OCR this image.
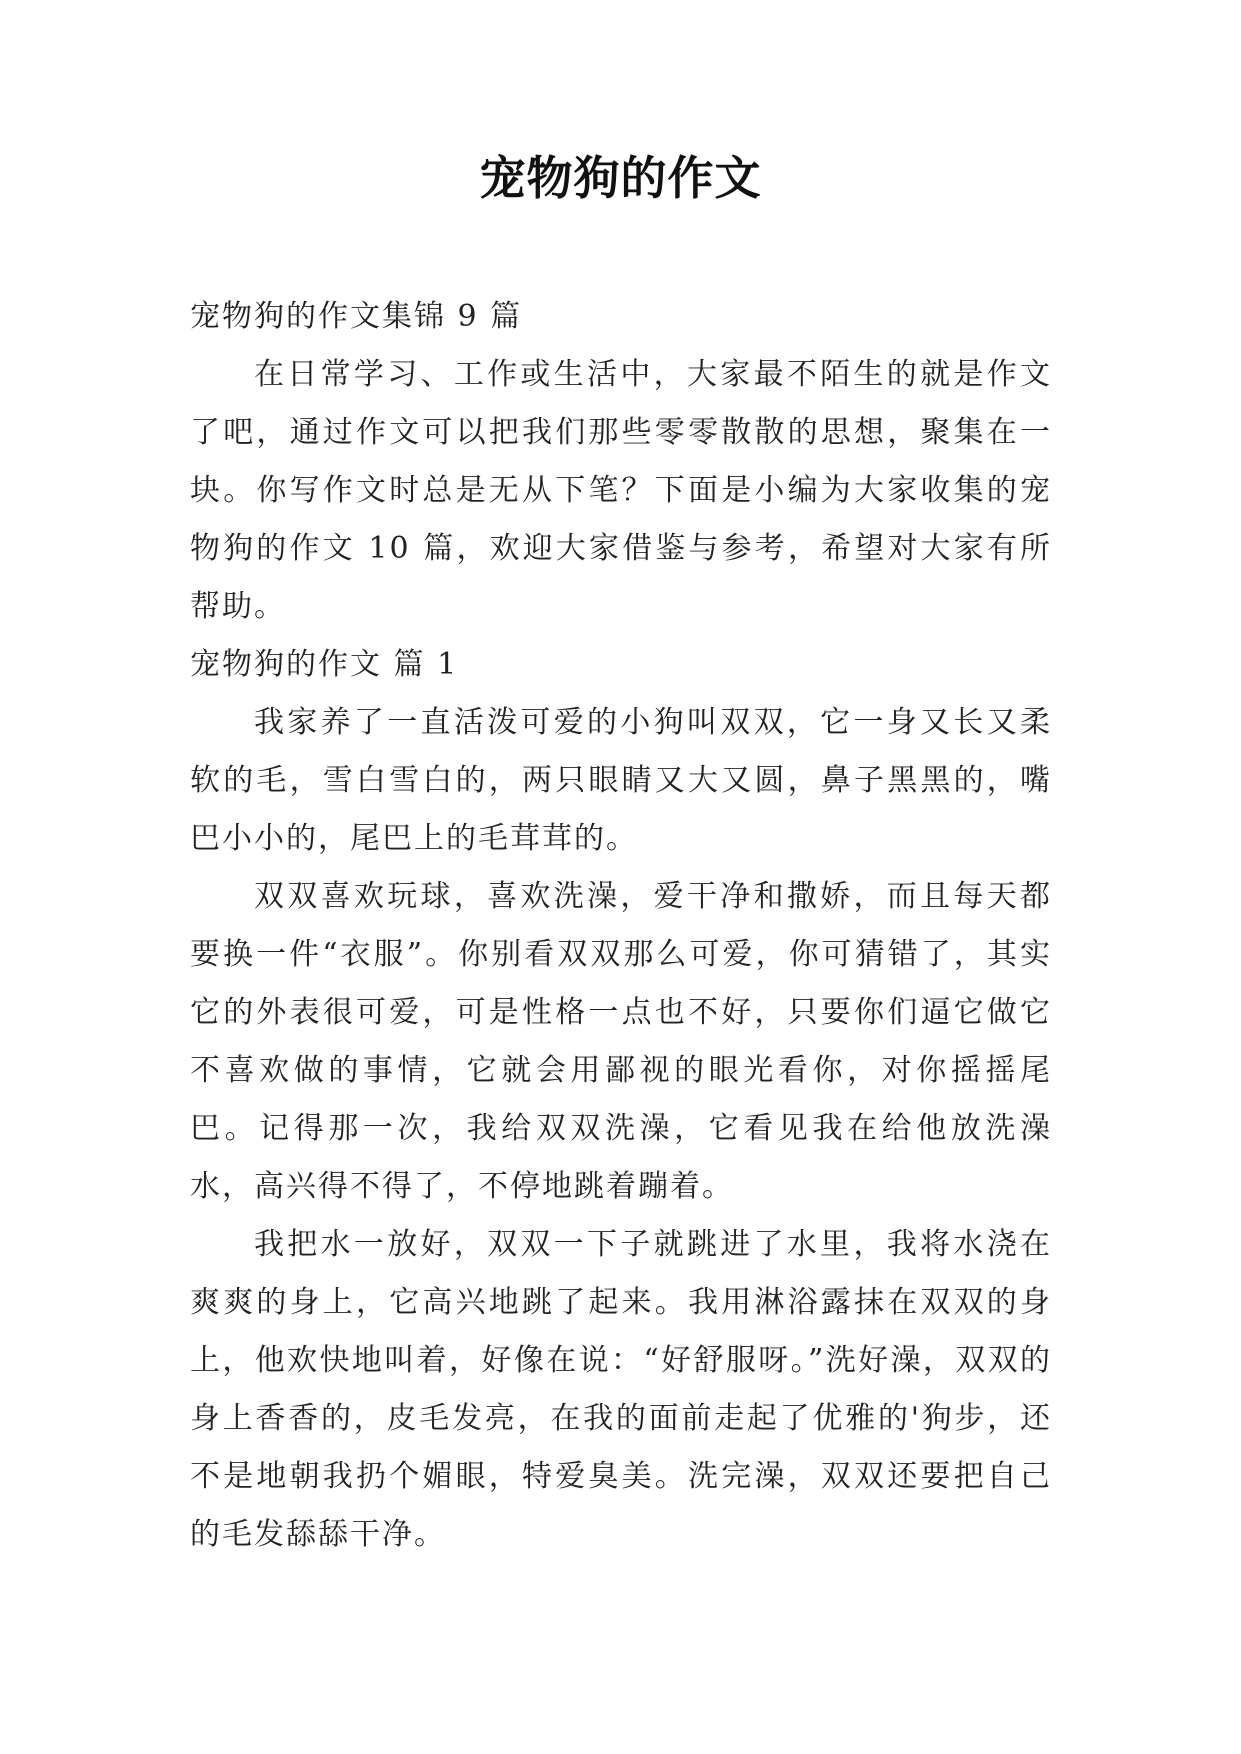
宠物狗的作文

宠物狗的作文集锦 9 篇

在日常学习、工作或生活中，大家最不陌生的就是作文了吧，通过作文可以把我们那些零零散散的思想，聚集在一块。你写作文时总是无从下笔？下面是小编为大家收集的宠物狗的作文 10 篇，欢迎大家借鉴与参考，希望对大家有所帮助。

宠物狗的作文 篇 1

我家养了一直活泼可爱的小狗叫双双，它一身又长又柔软的毛，雪白雪白的，两只眼睛又大又圆，鼻子黑黑的，嘴巴小小的，尾巴上的毛茸茸的。

双双喜欢玩球，喜欢洗澡，爱干净和撒娇，而且每天都要换一件“衣服”。你别看双双那么可爱，你可猜错了，其实它的外表很可爱，可是性格一点也不好，只要你们逼它做它不喜欢做的事情，它就会用鄙视的眼光看你，对你摇摇尾巴。记得那一次，我给双双洗澡，它看见我在给他放洗澡水，高兴得不得了，不停地跳着蹦着。

我把水一放好，双双一下子就跳进了水里，我将水浇在爽爽的身上，它高兴地跳了起来。我用淋浴露抹在双双的身上，他欢快地叫着，好像在说：“好舒服呀。”洗好澡，双双的身上香香的，皮毛发亮，在我的面前走起了优雅的'狗步，还不是地朝我扔个媚眼，特爱臭美。洗完澡，双双还要把自己的毛发舔舔干净。
